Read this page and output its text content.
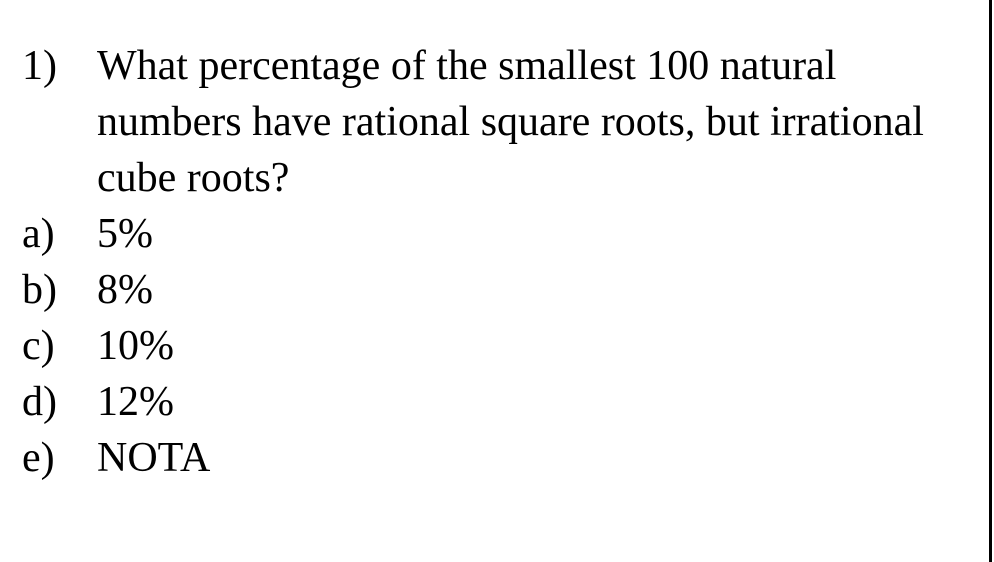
1) What percentage of the smallest 100 natural numbers have rational square roots, but irrational cube roots?
a)	5%
b) 8%
c)	10%
d) 12%
e)	NOTA
